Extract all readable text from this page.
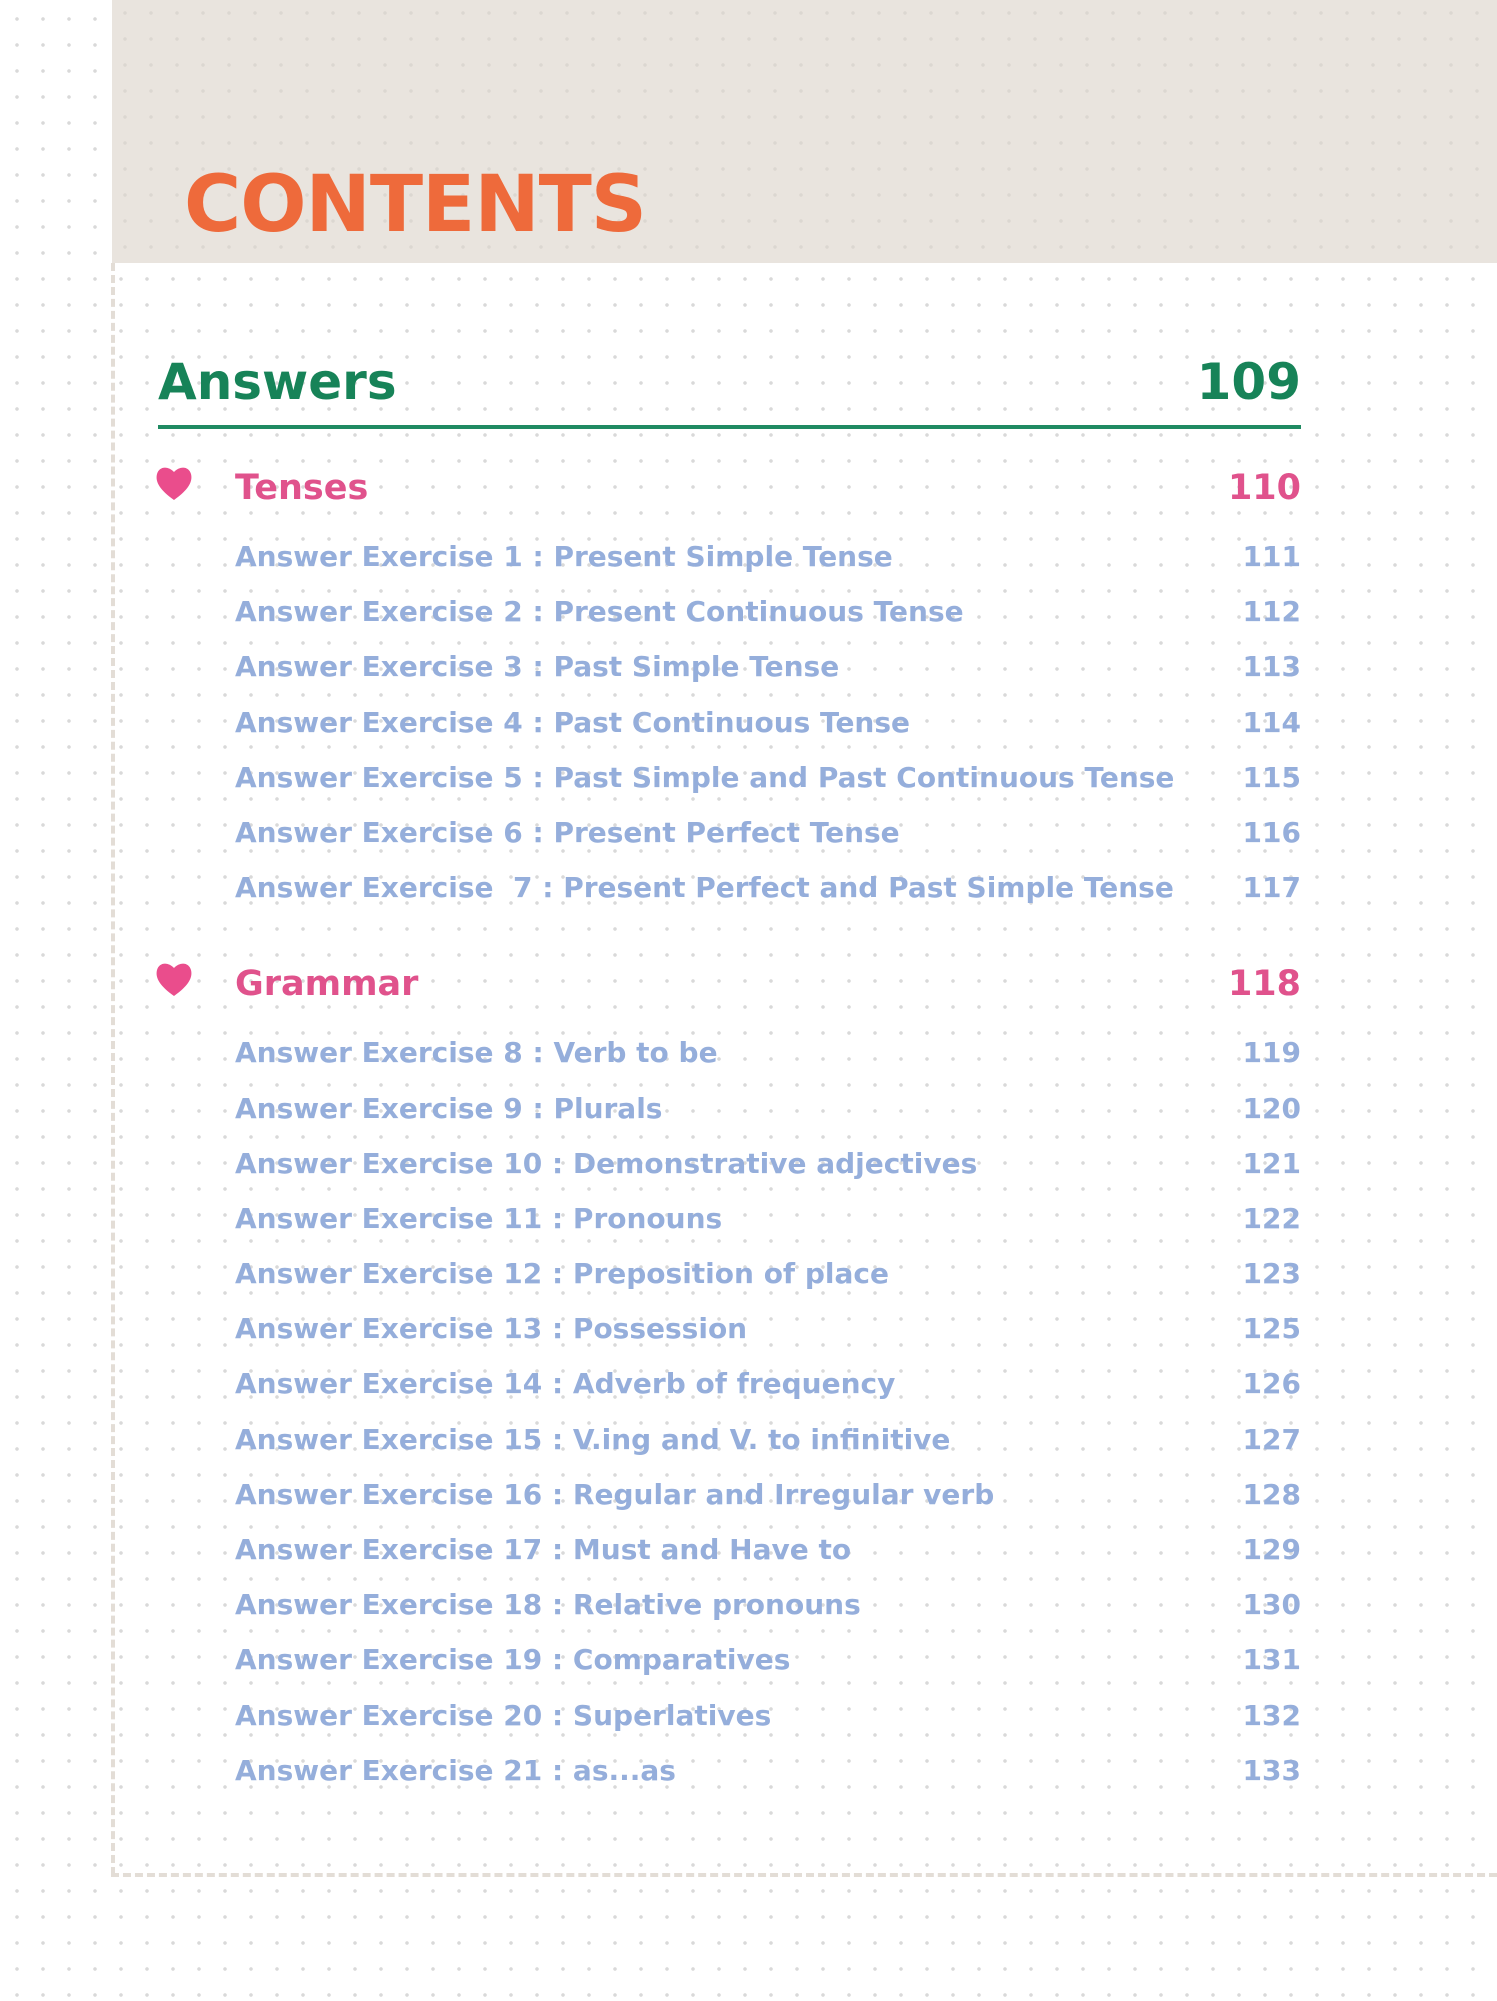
CONTENTS
Answers	109
Tenses	110
Answer Exercise 1 : Present Simple Tense	111
Answer Exercise 2 : Present Continuous Tense	112
Answer Exercise 3 : Past Simple Tense	113
Answer Exercise 4 : Past Continuous Tense	114
Answer Exercise 5 : Past Simple and Past Continuous Tense 115
Answer Exercise 6 : Present Perfect Tense	116
Answer Exercise  7 : Present Perfect and Past Simple Tense 117
Grammar	118
Answer Exercise 8 : Verb to be	119
Answer Exercise 9 : Plurals	120
Answer Exercise 10 : Demonstrative adjectives	121
Answer Exercise 11 : Pronouns	122
Answer Exercise 12 : Preposition of place	123
Answer Exercise 13 : Possession	125
Answer Exercise 14 : Adverb of frequency	126
Answer Exercise 15 : V.ing and V. to infinitive	127
Answer Exercise 16 : Regular and Irregular verb	128
Answer Exercise 17 : Must and Have to	129
Answer Exercise 18 : Relative pronouns	130
Answer Exercise 19 : Comparatives	131
Answer Exercise 20 : Superlatives	132
Answer Exercise 21 : as...as	133
